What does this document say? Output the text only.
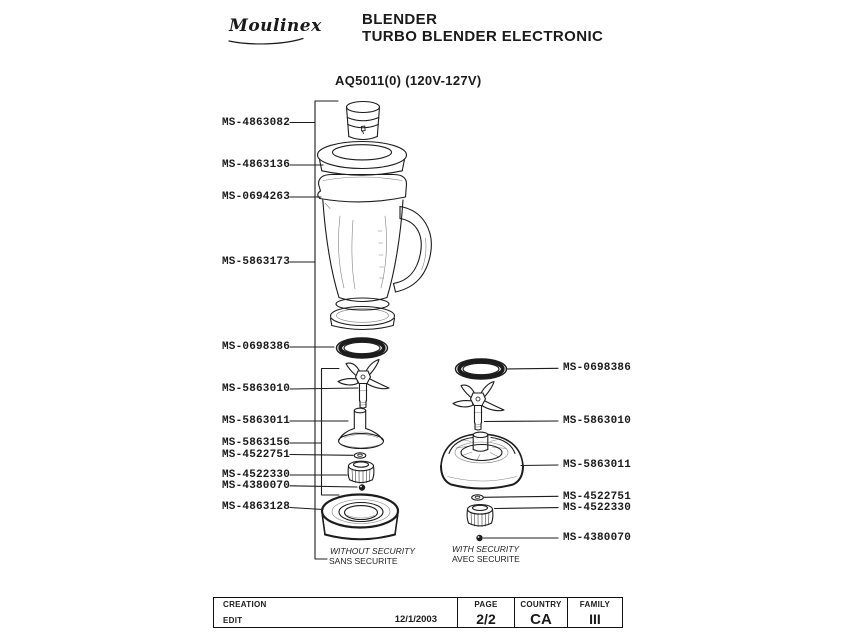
Moulinex	BLENDER
TURBO BLENDER ELECTRONIC
AQ5011(0) (120V-127V)
MS-4863082
MS-4863136
MS-0694263
MS-5863173
MS-0698386
MS-5863010
MS-5863011
MS-5863156
MS-4522751
MS-4522330
MS-4380070
MS-4863128
MS-0698386
MS-5863010
MS-5863011
MS-4522751
MS-4522330
MS-4380070
WITHOUT SECURITY
SANS SECURITE
WITH SECURITY
AVEC SECURITE
CREATION
EDIT	12/1/2003
PAGE
2/2
COUNTRY
CA
FAMILY
III
